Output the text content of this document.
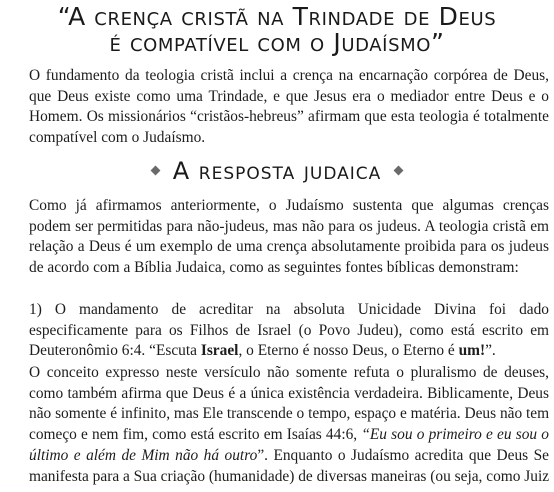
“A crença cristã na Trindade de Deus
é compatível com o Judaísmo”
O fundamento da teologia cristã inclui a crença na encarnação corpórea de Deus,
que Deus existe como uma Trindade, e que Jesus era o mediador entre Deus e o
Homem. Os missionários “cristãos-hebreus” afirmam que esta teologia é totalmente
compatível com o Judaísmo.
A resposta judaica
Como já afirmamos anteriormente, o Judaísmo sustenta que algumas crenças
podem ser permitidas para não-judeus, mas não para os judeus. A teologia cristã em
relação a Deus é um exemplo de uma crença absolutamente proibida para os judeus
de acordo com a Bíblia Judaica, como as seguintes fontes bíblicas demonstram:
1) O mandamento de acreditar na absoluta Unicidade Divina foi dado
especificamente para os Filhos de Israel (o Povo Judeu), como está escrito em
Deuteronômio 6:4. “Escuta Israel, o Eterno é nosso Deus, o Eterno é um!”.
O conceito expresso neste versículo não somente refuta o pluralismo de deuses,
como também afirma que Deus é a única existência verdadeira. Biblicamente, Deus
não somente é infinito, mas Ele transcende o tempo, espaço e matéria. Deus não tem
começo e nem fim, como está escrito em Isaías 44:6, “Eu sou o primeiro e eu sou o
último e além de Mim não há outro”. Enquanto o Judaísmo acredita que Deus Se
manifesta para a Sua criação (humanidade) de diversas maneiras (ou seja, como Juiz
